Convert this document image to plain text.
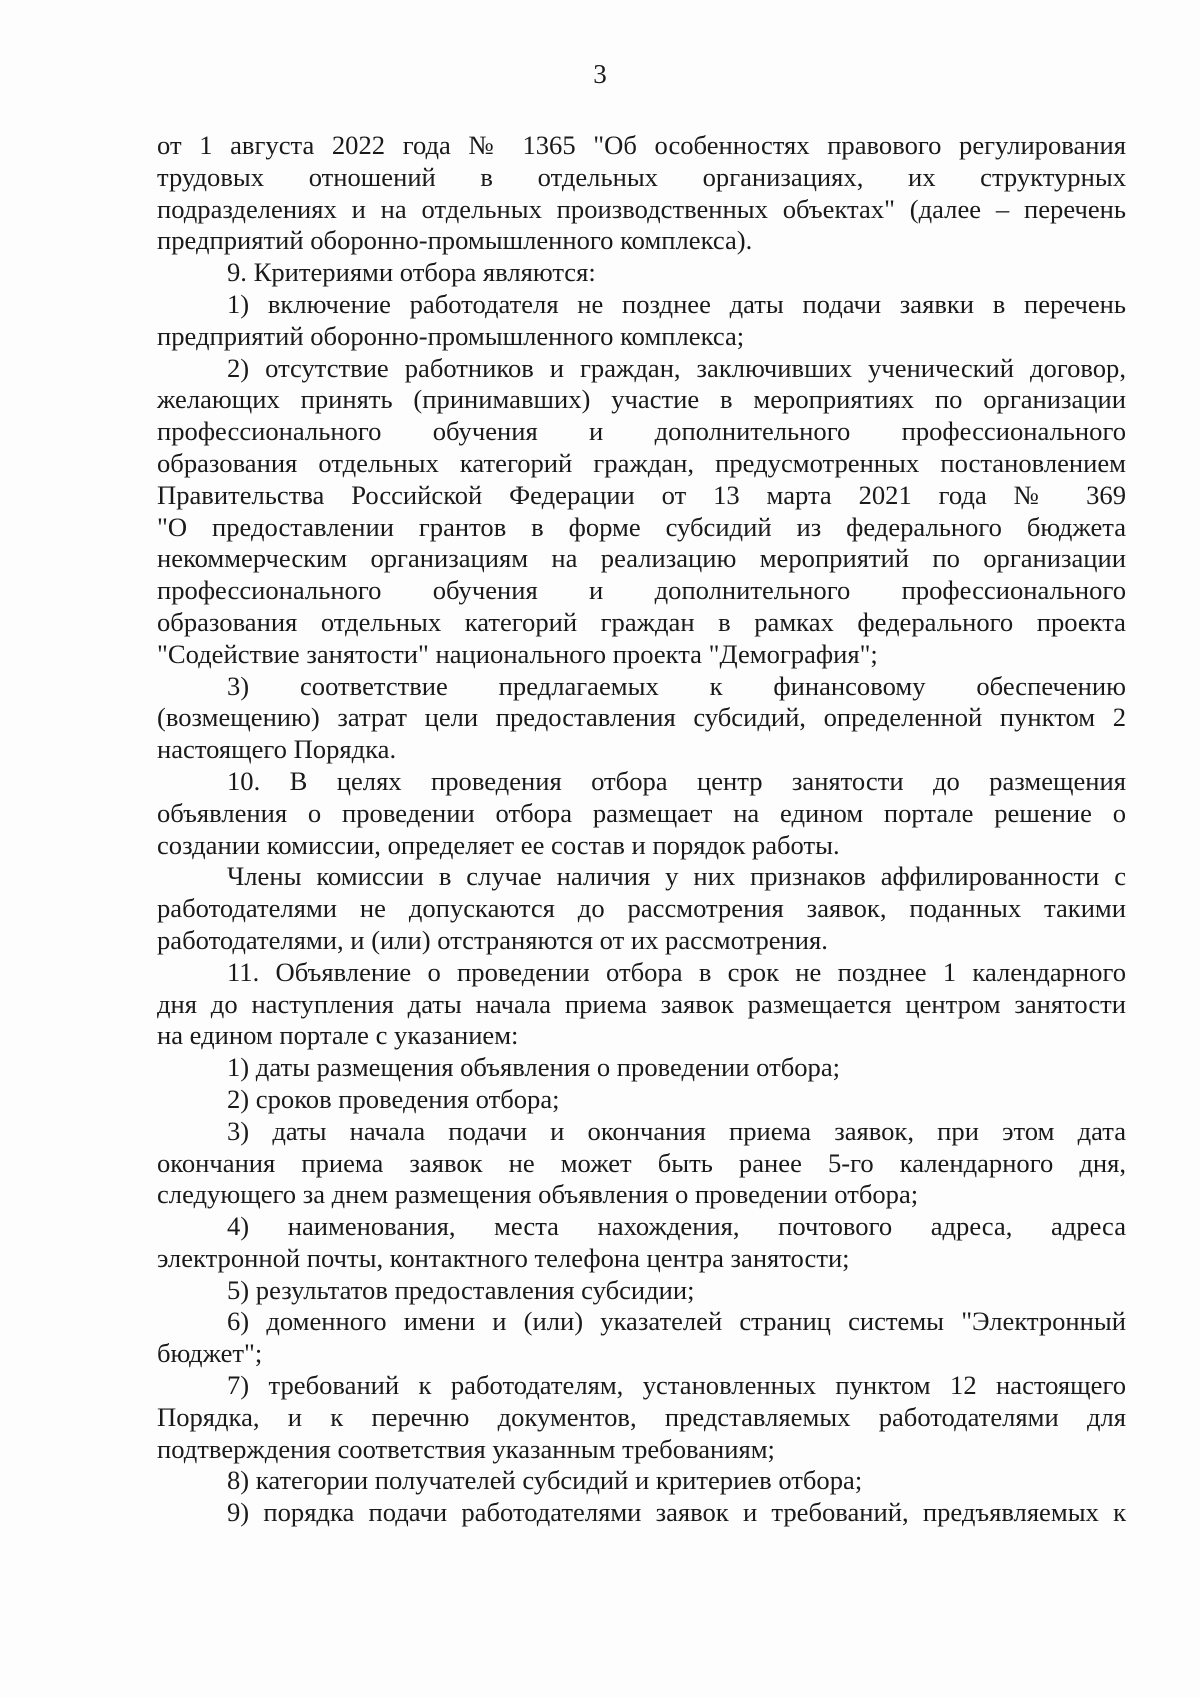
3
от 1 августа 2022 года № 1365 "Об особенностях правового регулирования
трудовых отношений в отдельных организациях, их структурных
подразделениях и на отдельных производственных объектах" (далее – перечень
предприятий оборонно-промышленного комплекса).
9. Критериями отбора являются:
1) включение работодателя не позднее даты подачи заявки в перечень
предприятий оборонно-промышленного комплекса;
2) отсутствие работников и граждан, заключивших ученический договор,
желающих принять (принимавших) участие в мероприятиях по организации
профессионального обучения и дополнительного профессионального
образования отдельных категорий граждан, предусмотренных постановлением
Правительства Российской Федерации от 13 марта 2021 года № 369
"О предоставлении грантов в форме субсидий из федерального бюджета
некоммерческим организациям на реализацию мероприятий по организации
профессионального обучения и дополнительного профессионального
образования отдельных категорий граждан в рамках федерального проекта
"Содействие занятости" национального проекта "Демография";
3) соответствие предлагаемых к финансовому обеспечению
(возмещению) затрат цели предоставления субсидий, определенной пунктом 2
настоящего Порядка.
10. В целях проведения отбора центр занятости до размещения
объявления о проведении отбора размещает на едином портале решение о
создании комиссии, определяет ее состав и порядок работы.
Члены комиссии в случае наличия у них признаков аффилированности с
работодателями не допускаются до рассмотрения заявок, поданных такими
работодателями, и (или) отстраняются от их рассмотрения.
11. Объявление о проведении отбора в срок не позднее 1 календарного
дня до наступления даты начала приема заявок размещается центром занятости
на едином портале с указанием:
1) даты размещения объявления о проведении отбора;
2) сроков проведения отбора;
3) даты начала подачи и окончания приема заявок, при этом дата
окончания приема заявок не может быть ранее 5-го календарного дня,
следующего за днем размещения объявления о проведении отбора;
4) наименования, места нахождения, почтового адреса, адреса
электронной почты, контактного телефона центра занятости;
5) результатов предоставления субсидии;
6) доменного имени и (или) указателей страниц системы "Электронный
бюджет";
7) требований к работодателям, установленных пунктом 12 настоящего
Порядка, и к перечню документов, представляемых работодателями для
подтверждения соответствия указанным требованиям;
8) категории получателей субсидий и критериев отбора;
9) порядка подачи работодателями заявок и требований, предъявляемых к
